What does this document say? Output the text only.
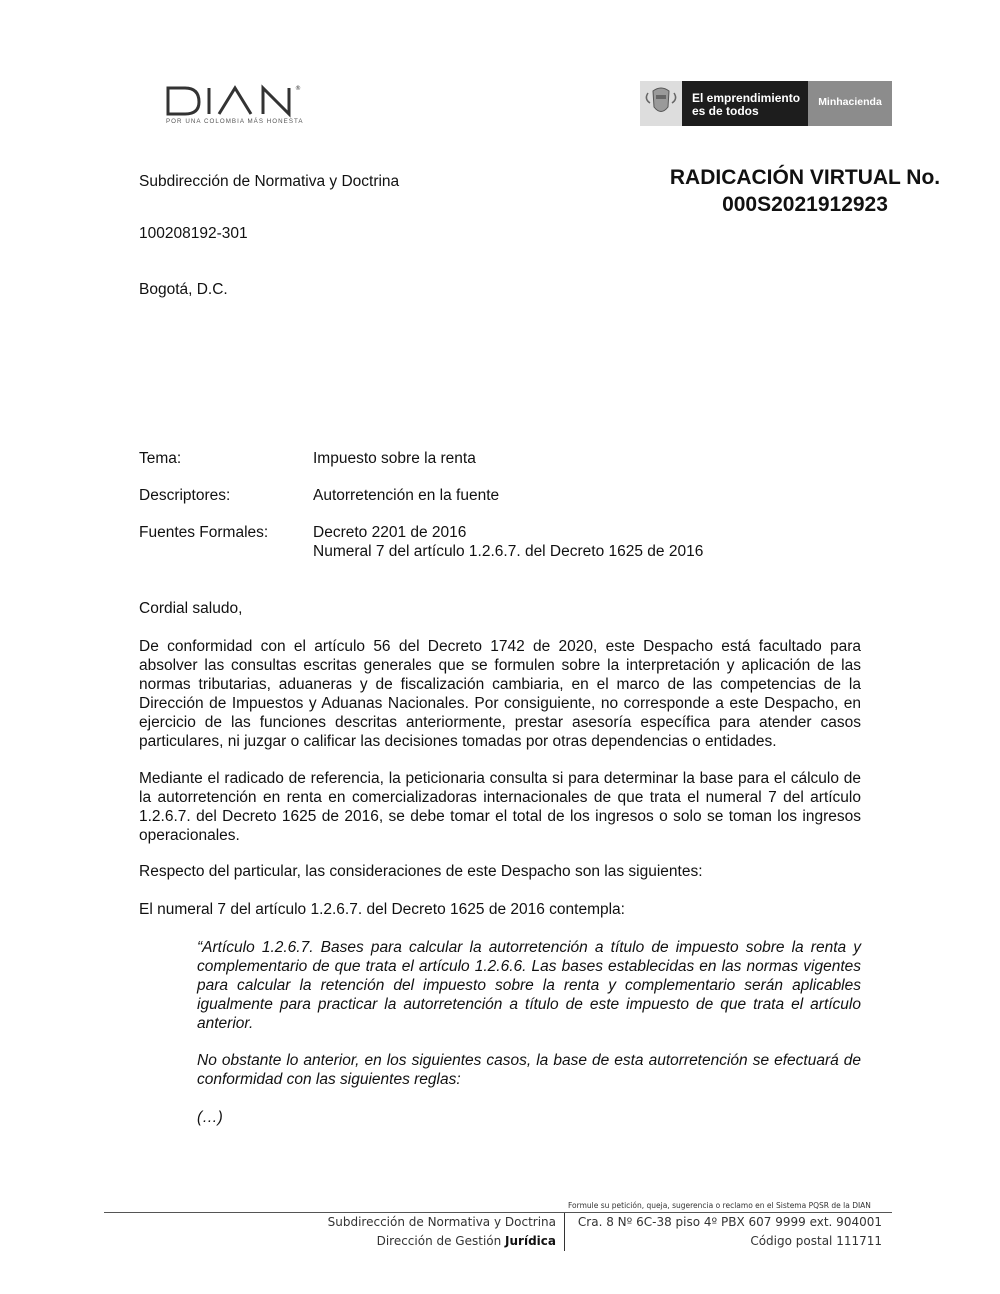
®
POR UNA COLOMBIA MÁS HONESTA
El emprendimiento
es de todos
Minhacienda
RADICACIÓN VIRTUAL No.
000S2021912923
Subdirección de Normativa y Doctrina
100208192-301
Bogotá, D.C.
Tema:	Impuesto sobre la renta
Descriptores:	Autorretención en la fuente
Fuentes Formales:	Decreto 2201 de 2016
Numeral 7 del artículo 1.2.6.7. del Decreto 1625 de 2016
Cordial saludo,
De conformidad con el artículo 56 del Decreto 1742 de 2020, este Despacho está facultado para absolver las consultas escritas generales que se formulen sobre la interpretación y aplicación de las normas tributarias, aduaneras y de fiscalización cambiaria, en el marco de las competencias de la Dirección de Impuestos y Aduanas Nacionales. Por consiguiente, no corresponde a este Despacho, en ejercicio de las funciones descritas anteriormente, prestar asesoría específica para atender casos particulares, ni juzgar o calificar las decisiones tomadas por otras dependencias o entidades.
Mediante el radicado de referencia, la peticionaria consulta si para determinar la base para el cálculo de la autorretención en renta en comercializadoras internacionales de que trata el numeral 7 del artículo 1.2.6.7. del Decreto 1625 de 2016, se debe tomar el total de los ingresos o solo se toman los ingresos operacionales.
Respecto del particular, las consideraciones de este Despacho son las siguientes:
El numeral 7 del artículo 1.2.6.7. del Decreto 1625 de 2016 contempla:
“Artículo 1.2.6.7. Bases para calcular la autorretención a título de impuesto sobre la renta y complementario de que trata el artículo 1.2.6.6. Las bases establecidas en las normas vigentes para calcular la retención del impuesto sobre la renta y complementario serán aplicables igualmente para practicar la autorretención a título de este impuesto de que trata el artículo anterior.
No obstante lo anterior, en los siguientes casos, la base de esta autorretención se efectuará de conformidad con las siguientes reglas:
(…)
Formule su petición, queja, sugerencia o reclamo en el Sistema PQSR de la DIAN
Subdirección de Normativa y Doctrina
Dirección de Gestión Jurídica
Cra. 8 Nº 6C-38 piso 4º PBX 607 9999 ext. 904001
Código postal 111711
